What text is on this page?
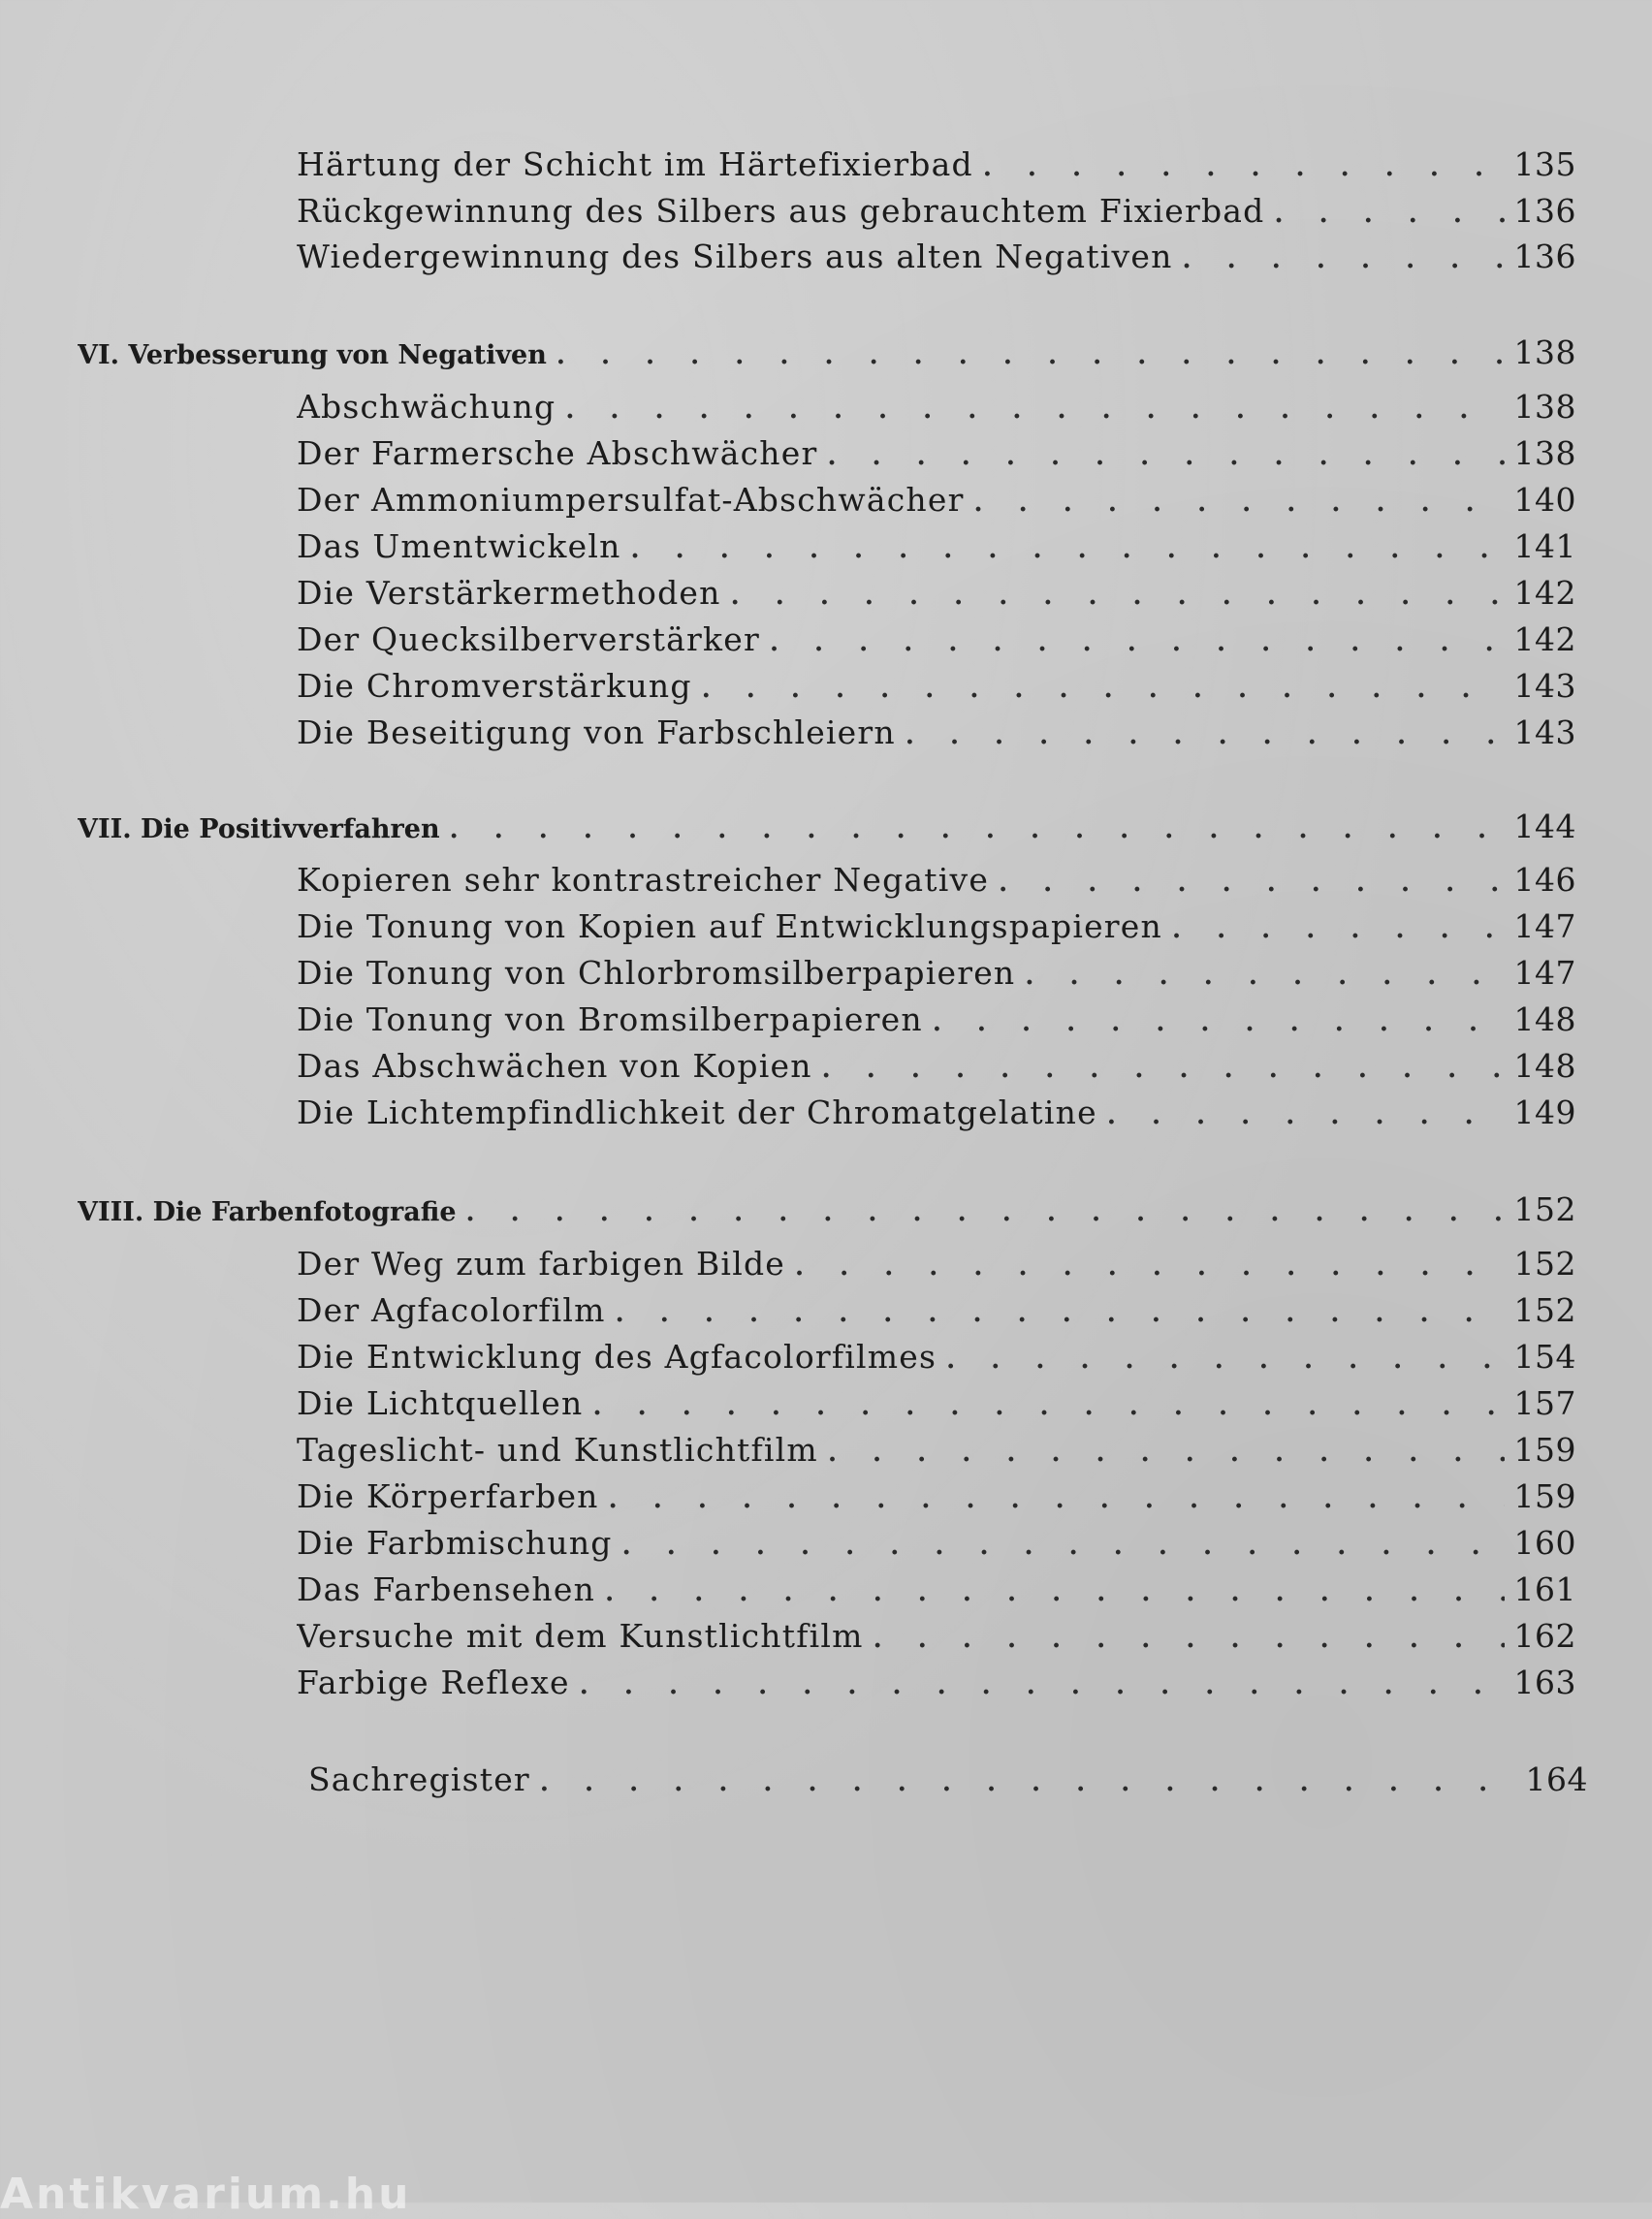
Härtung der Schicht im Härtefixierbad . . .	135
Rückgewinnung des Silbers aus gebrauchtem Fixierbad . . .	136
Wiedergewinnung des Silbers aus alten Negativen . . .	136
VI. Verbesserung von Negativen . . .	138
Abschwächung . . .	138
Der Farmersche Abschwächer . . .	138
Der Ammoniumpersulfat-Abschwächer . . .	140
Das Umentwickeln . . .	141
Die Verstärkermethoden . . .	142
Der Quecksilberverstärker . . .	142
Die Chromverstärkung . . .	143
Die Beseitigung von Farbschleiern . . .	143
VII. Die Positivverfahren . . .	144
Kopieren sehr kontrastreicher Negative . . .	146
Die Tonung von Kopien auf Entwicklungspapieren . . .	147
Die Tonung von Chlorbromsilberpapieren . . .	147
Die Tonung von Bromsilberpapieren . . .	148
Das Abschwächen von Kopien . . .	148
Die Lichtempfindlichkeit der Chromatgelatine . . .	149
VIII. Die Farbenfotografie . . .	152
Der Weg zum farbigen Bilde . . .	152
Der Agfacolorfilm . . .	152
Die Entwicklung des Agfacolorfilmes . . .	154
Die Lichtquellen . . .	157
Tageslicht- und Kunstlichtfilm . . .	159
Die Körperfarben . . .	159
Die Farbmischung . . .	160
Das Farbensehen . . .	161
Versuche mit dem Kunstlichtfilm . . .	162
Farbige Reflexe . . .	163
Sachregister . . .	164
Antikvarium.hu
